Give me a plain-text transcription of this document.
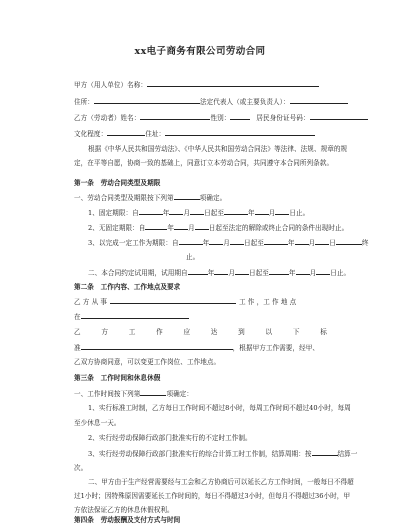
xx电子商务有限公司劳动合同
甲方（用人单位）名称：
住所：	法定代表人（或主要负责人）：
乙方（劳动者）姓名：	性别：	居民身份证号码：
文化程度：	住址：
根据《中华人民共和国劳动法》、《中华人民共和国劳动合同法》等法律、法规、规章的规
定，在平等自愿，协商一致的基础上，同意订立本劳动合同，共同遵守本合同所列条款。
第一条　劳动合同类型及期限
一、劳动合同类型及期限按下列第	项确定。
1、固定期限：自	年 月 日起至	年 月 日止。
2、无固定期限：自	年 月 日起至法定的解除或终止合同的条件出现时止。
3、以完成一定工作为期限：自	年 月 日起至	年 月 日	终
止。
二、本合同约定试用期，试用期自	年 月 日起至	年 月 日止。
第二条　工作内容、工作地点及要求
乙 方 从 事	工 作 ，工 作 地 点
在
乙	方	工	作	应	达	到	以	下	标
准	，根据甲方工作需要，经甲、
乙双方协商同意，可以变更工作岗位、工作地点。
第三条　工作时间和休息休假
一、工作时间按下列第	项确定：
1、实行标准工时制，乙方每日工作时间不超过8小时，每周工作时间不超过40小时，每周
至少休息一天。
2、实行经劳动保障行政部门批准实行的不定时工作制。
3、实行经劳动保障行政部门批准实行的综合计算工时工作制，结算周期：按	结算一
次。
二、甲方由于生产经营需要经与工会和乙方协商后可以延长乙方工作时间，一般每日不得超
过1小时；因特殊原因需要延长工作时间的，每日不得超过3小时，但每月不得超过36小时，甲
方依法保证乙方的休息休假权利。
第四条　劳动报酬及支付方式与时间
